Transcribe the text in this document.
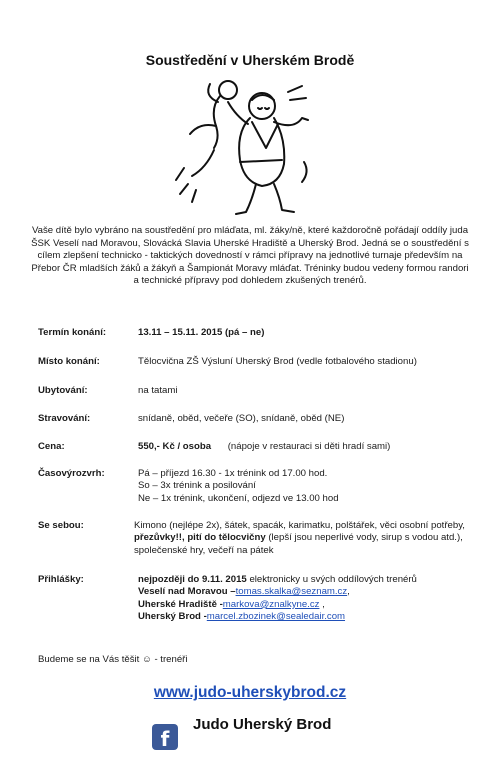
Soustředění v Uherském Brodě
Vaše dítě bylo vybráno na soustředění pro mláďata, ml. žáky/ně, které každoročně pořádají oddíly juda ŠSK Veselí nad Moravou, Slovácká Slavia Uherské Hradiště a Uherský Brod. Jedná se o soustředění s cílem zlepšení technicko - taktických dovedností v rámci přípravy na jednotlivé turnaje především na Přebor ČR mladších žáků a žákyň a Šampionát Moravy mláďat. Tréninky budou vedeny formou randori a technické přípravy pod dohledem zkušených trenérů.
Termín konání:	13.11 – 15.11. 2015 (pá – ne)
Místo konání:	Tělocvična ZŠ Výsluní Uherský Brod (vedle fotbalového stadionu)
Ubytování:	na tatami
Stravování:	snídaně, oběd, večeře (SO), snídaně, oběd (NE)
Cena:	550,- Kč / osoba (nápoje v restauraci si děti hradí sami)
Časovýrozvrh:	Pá – příjezd 16.30 - 1x trénink od 17.00 hod.
So – 3x trénink a posilování
Ne – 1x trénink, ukončení, odjezd ve 13.00 hod
Se sebou:	Kimono (nejlépe 2x), šátek, spacák, karimatku, polštářek, věci osobní potřeby, přezůvky!!, pití do tělocvičny (lepší jsou neperlivé vody, sirup s vodou atd.), společenské hry, večeří na pátek
Přihlášky:	nejpozději do 9.11. 2015 elektronicky u svých oddílových trenérů
Veselí nad Moravou –tomas.skalka@seznam.cz,
Uherské Hradiště -markova@znalkyne.cz ,
Uherský Brod -marcel.zbozinek@sealedair.com
Budeme se na Vás těšit ☺ - trenéři
www.judo-uherskybrod.cz
f
Judo Uherský Brod
